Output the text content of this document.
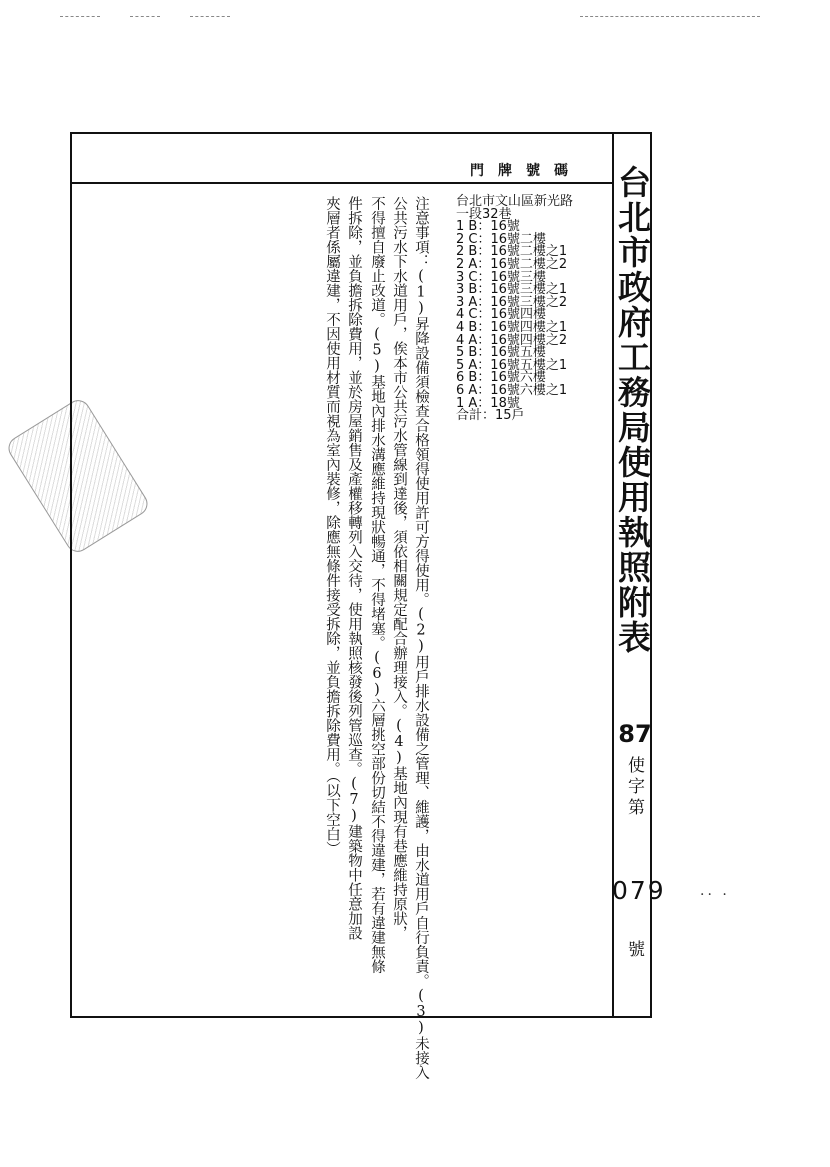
台北市政府工務局使用執照附表
87
使字第
079
號
·· ·
門牌號碼
台北市文山區新光路
一段32巷
1 B：16號
2 C：16號二樓
2 B：16號二樓之1
2 A：16號二樓之2
3 C：16號三樓
3 B：16號三樓之1
3 A：16號三樓之2
4 C：16號四樓
4 B：16號四樓之1
4 A：16號四樓之2
5 B：16號五樓
5 A：16號五樓之1
6 B：16號六樓
6 A：16號六樓之1
1 A：18號
合計：15戶
注意事項：(1)昇降設備須檢查合格領得使用許可方得使用。(2)用戶排水設備之管理、維護，由水道用戶自行負責。(3)未接入
公共污水下水道用戶，俟本市公共污水管線到達後，須依相關規定配合辦理接入。(4)基地內現有巷應維持原狀，
不得擅自廢止改道。(5)基地內排水溝應維持現狀暢通，不得堵塞。(6)六層挑空部份切結不得違建，若有違建無條
件拆除，並負擔拆除費用，並於房屋銷售及產權移轉列入交待，使用執照核發後列管巡查。(7)建築物中任意加設
夾層者係屬違建，不因使用材質而視為室內裝修，除應無條件接受拆除，並負擔拆除費用。（以下空白）
